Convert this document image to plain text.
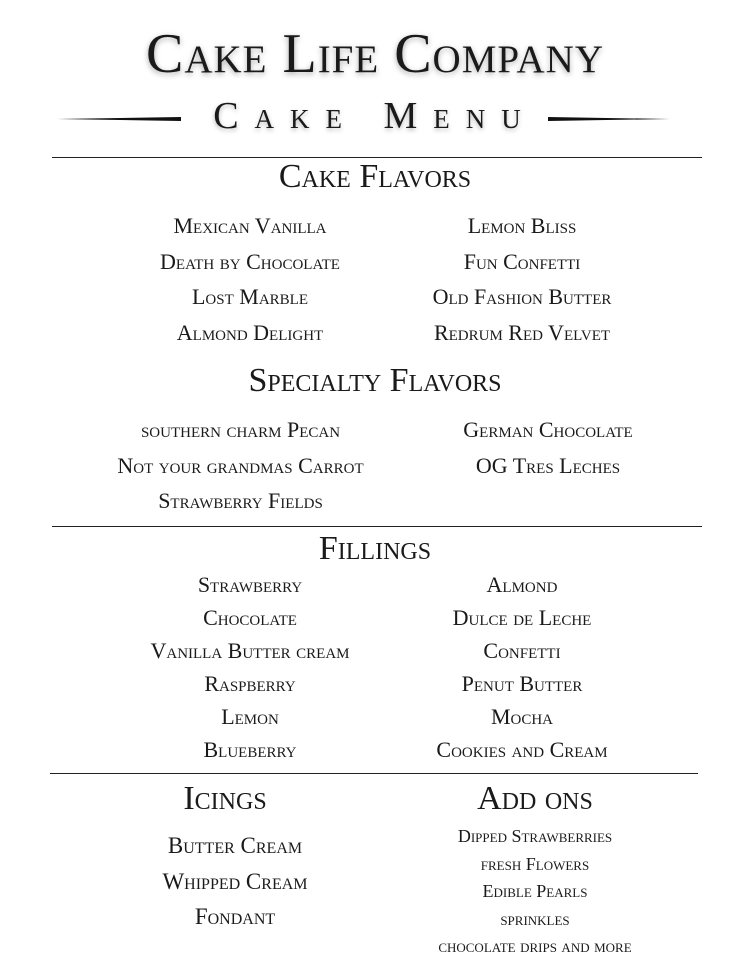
Cake Life Company
Cake Menu
Cake Flavors
Mexican Vanilla
Death by Chocolate
Lost Marble
Almond Delight
Lemon Bliss
Fun Confetti
Old Fashion Butter
Redrum Red Velvet
Specialty Flavors
southern charm Pecan
Not your grandmas Carrot
Strawberry Fields
German Chocolate
OG Tres Leches
Fillings
Strawberry
Chocolate
Vanilla Butter cream
Raspberry
Lemon
Blueberry
Almond
Dulce de Leche
Confetti
Penut Butter
Mocha
Cookies and Cream
Icings
Butter Cream
Whipped Cream
Fondant
Add ons
Dipped Strawberries
fresh Flowers
Edible Pearls
sprinkles
chocolate drips and more
